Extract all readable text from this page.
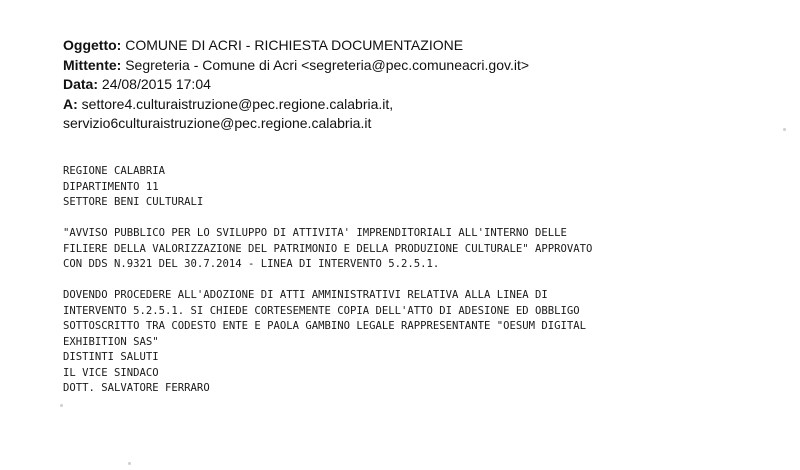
Oggetto: COMUNE DI ACRI - RICHIESTA DOCUMENTAZIONE
Mittente: Segreteria - Comune di Acri <segreteria@pec.comuneacri.gov.it>
Data: 24/08/2015 17:04
A: settore4.culturaistruzione@pec.regione.calabria.it,
servizio6culturaistruzione@pec.regione.calabria.it
REGIONE CALABRIA
DIPARTIMENTO 11
SETTORE BENI CULTURALI
"AVVISO PUBBLICO PER LO SVILUPPO DI ATTIVITA' IMPRENDITORIALI ALL'INTERNO DELLE
FILIERE DELLA VALORIZZAZIONE DEL PATRIMONIO E DELLA PRODUZIONE CULTURALE" APPROVATO
CON DDS N.9321 DEL 30.7.2014 - LINEA DI INTERVENTO 5.2.5.1.
DOVENDO PROCEDERE ALL'ADOZIONE DI ATTI AMMINISTRATIVI RELATIVA ALLA LINEA DI
INTERVENTO 5.2.5.1. SI CHIEDE CORTESEMENTE COPIA DELL'ATTO DI ADESIONE ED OBBLIGO
SOTTOSCRITTO TRA CODESTO ENTE E PAOLA GAMBINO LEGALE RAPPRESENTANTE "OESUM DIGITAL
EXHIBITION SAS"
DISTINTI SALUTI
IL VICE SINDACO
DOTT. SALVATORE FERRARO
